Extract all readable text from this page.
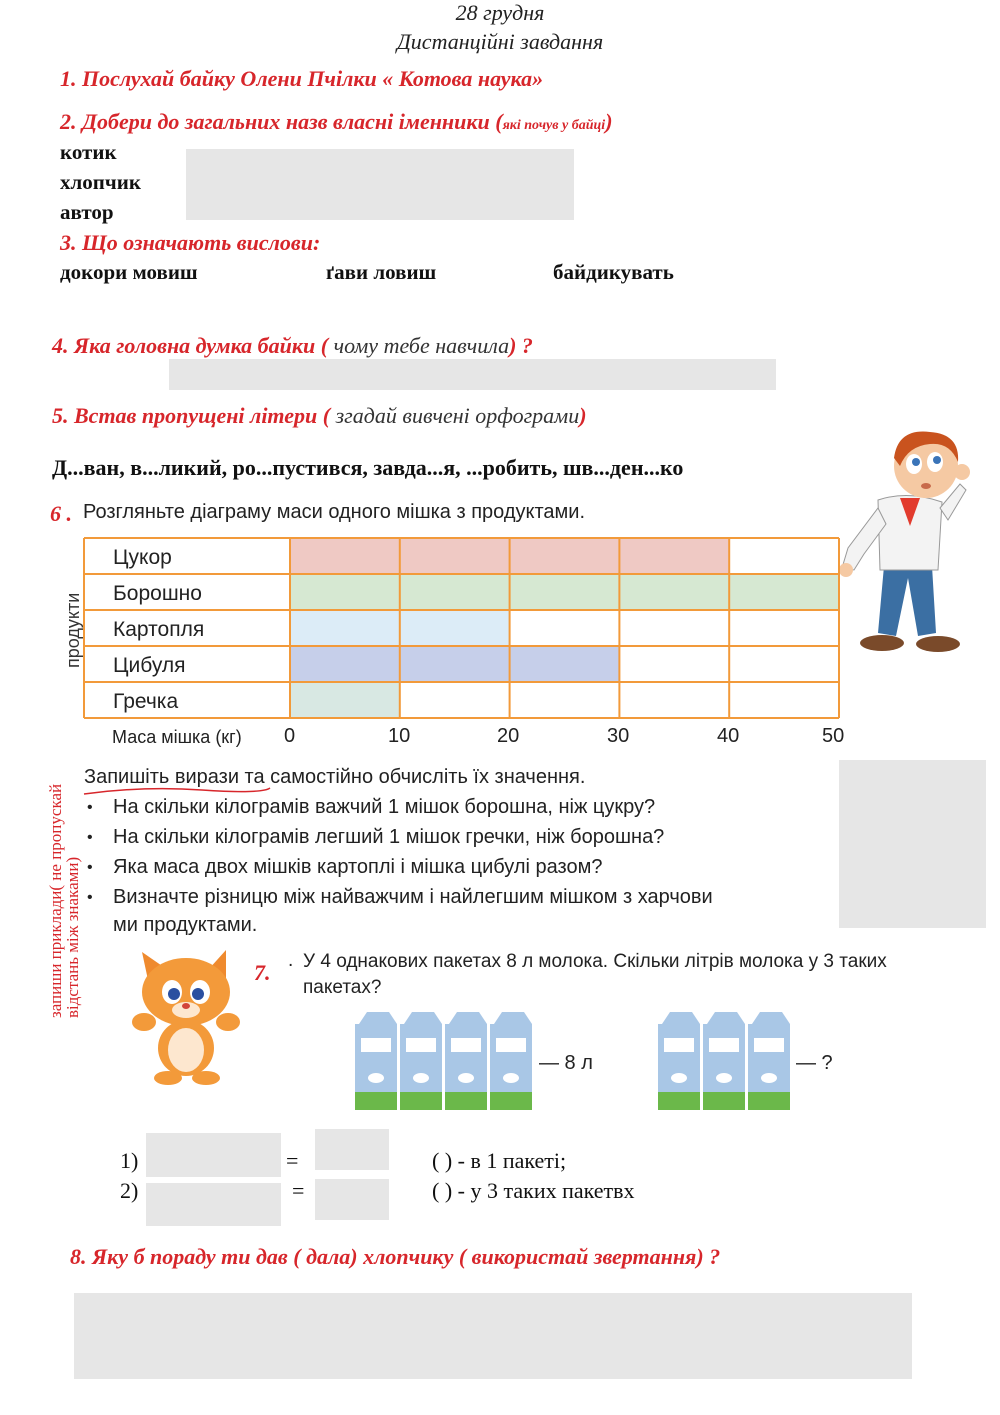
28 грудня
Дистанційні завдання
1. Послухай байку Олени Пчілки « Котова наука»
2. Добери до загальних назв власні іменники (які почув у байці)
котик
хлопчик
автор
3. Що означають вислови:
докори мовиш	ґави ловиш	байдикувать
4. Яка головна думка байки ( чому тебе навчила) ?
5. Встав пропущені літери ( згадай вивчені орфограми)
Д...ван, в...ликий, ро...пустився, завда...я, ...робить, шв...ден...ко
6 . Розгляньте діаграму маси одного мішка з продуктами.
Цукор
Борошно
Картопля
Цибуля
Гречка
продукти
Маса мішка (кг) 0	10	20	30	40	50
запиши приклади( не пропускай відстань між знаками)
Запишіть вирази та самостійно обчисліть їх значення.
• На скільки кілограмів важчий 1 мішок борошна, ніж цукру?
• На скільки кілограмів легший 1 мішок гречки, ніж борошна?
• Яка маса двох мішків картоплі і мішка цибулі разом?
• Визначте різницю між найважчим і найлегшим мішком з харчови
ми продуктами.
7. . У 4 однакових пакетах 8 л молока. Скільки літрів молока у 3 таких
пакетах?
— 8 л	— ?
1)	=	( ) - в 1 пакеті;
2)	=	( ) - у 3 таких пакетвх
8. Яку б пораду ти дав ( дала) хлопчику ( використай звертання) ?
